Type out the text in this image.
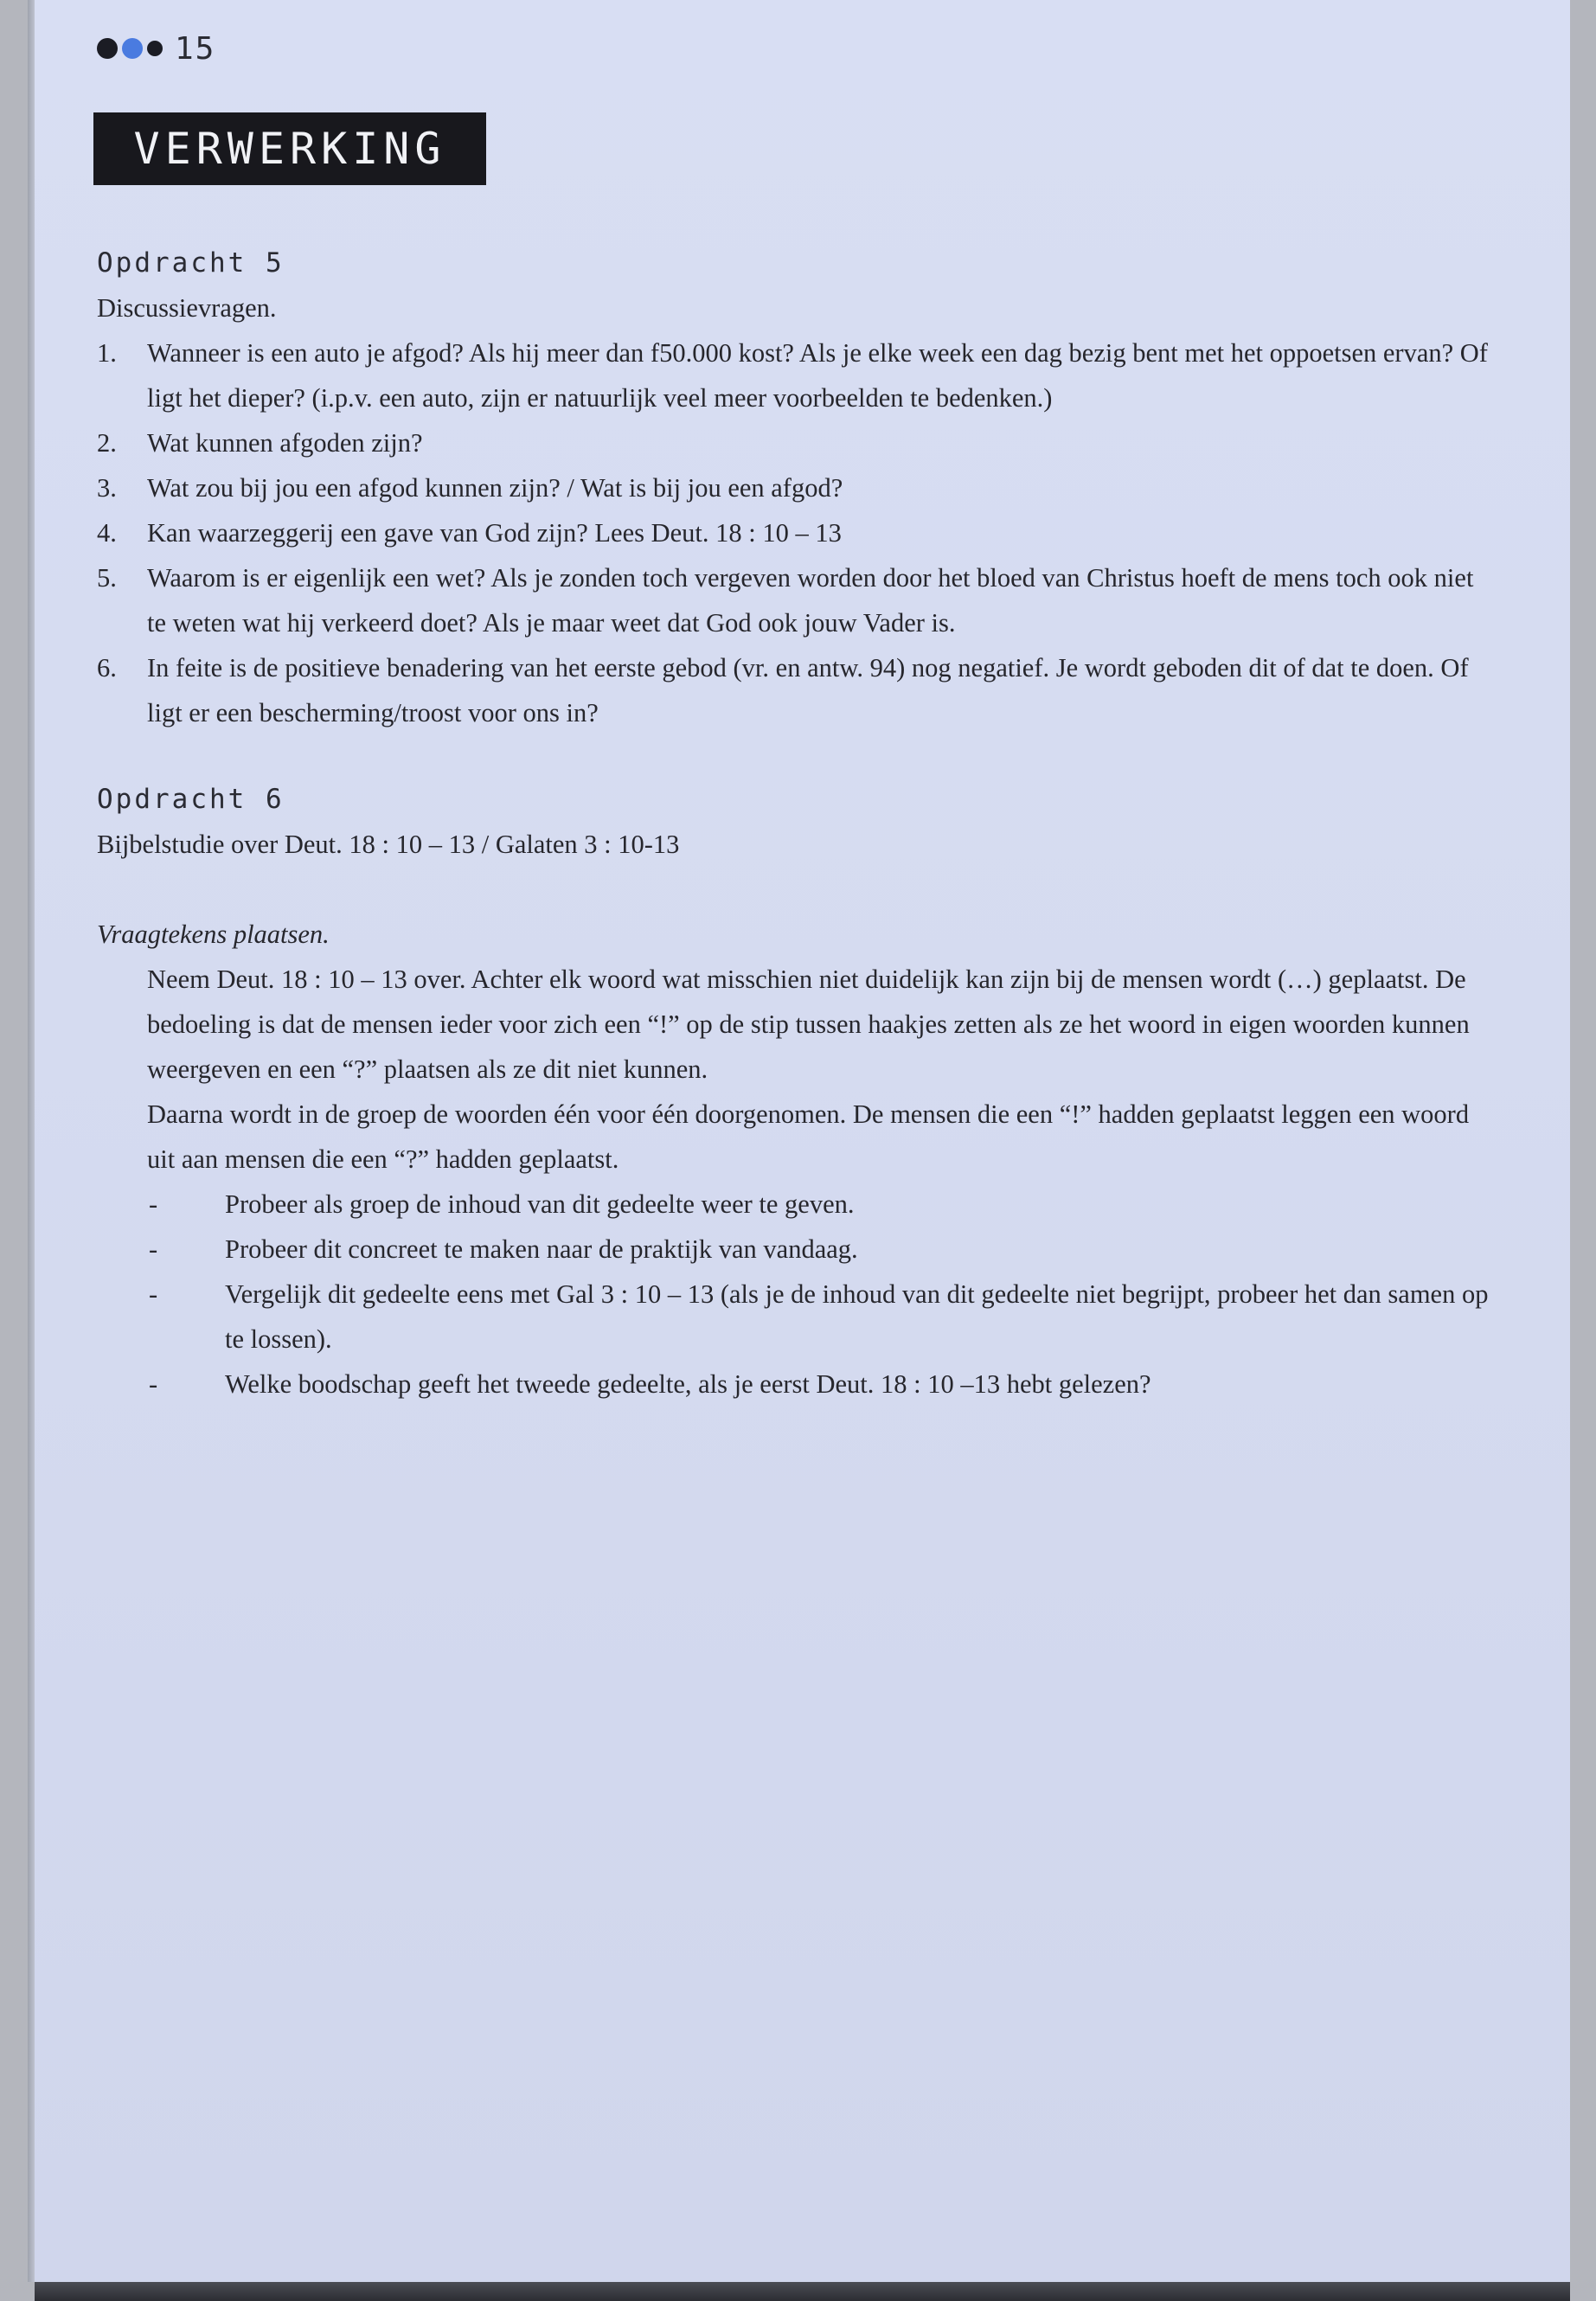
15
VERWERKING
Opdracht 5
Discussievragen.
1. Wanneer is een auto je afgod? Als hij meer dan f50.000 kost? Als je elke week een dag bezig bent met het oppoetsen ervan? Of ligt het dieper? (i.p.v. een auto, zijn er natuurlijk veel meer voorbeelden te bedenken.)
2. Wat kunnen afgoden zijn?
3. Wat zou bij jou een afgod kunnen zijn? / Wat is bij jou een afgod?
4. Kan waarzeggerij een gave van God zijn? Lees Deut. 18 : 10 – 13
5. Waarom is er eigenlijk een wet? Als je zonden toch vergeven worden door het bloed van Christus hoeft de mens toch ook niet te weten wat hij verkeerd doet? Als je maar weet dat God ook jouw Vader is.
6. In feite is de positieve benadering van het eerste gebod (vr. en antw. 94) nog negatief. Je wordt geboden dit of dat te doen. Of ligt er een bescherming/troost voor ons in?
Opdracht 6
Bijbelstudie over Deut. 18 : 10 – 13 / Galaten 3 : 10-13
Vraagtekens plaatsen.
Neem Deut. 18 : 10 – 13 over. Achter elk woord wat misschien niet duidelijk kan zijn bij de mensen wordt (…) geplaatst. De bedoeling is dat de mensen ieder voor zich een “!” op de stip tussen haakjes zetten als ze het woord in eigen woorden kunnen weergeven en een “?” plaatsen als ze dit niet kunnen.
Daarna wordt in de groep de woorden één voor één doorgenomen. De mensen die een “!” hadden geplaatst leggen een woord uit aan mensen die een “?” hadden geplaatst.
-	Probeer als groep de inhoud van dit gedeelte weer te geven.
-	Probeer dit concreet te maken naar de praktijk van vandaag.
-	Vergelijk dit gedeelte eens met Gal 3 : 10 – 13 (als je de inhoud van dit gedeelte niet begrijpt, probeer het dan samen op te lossen).
-	Welke boodschap geeft het tweede gedeelte, als je eerst Deut. 18 : 10 –13 hebt gelezen?
